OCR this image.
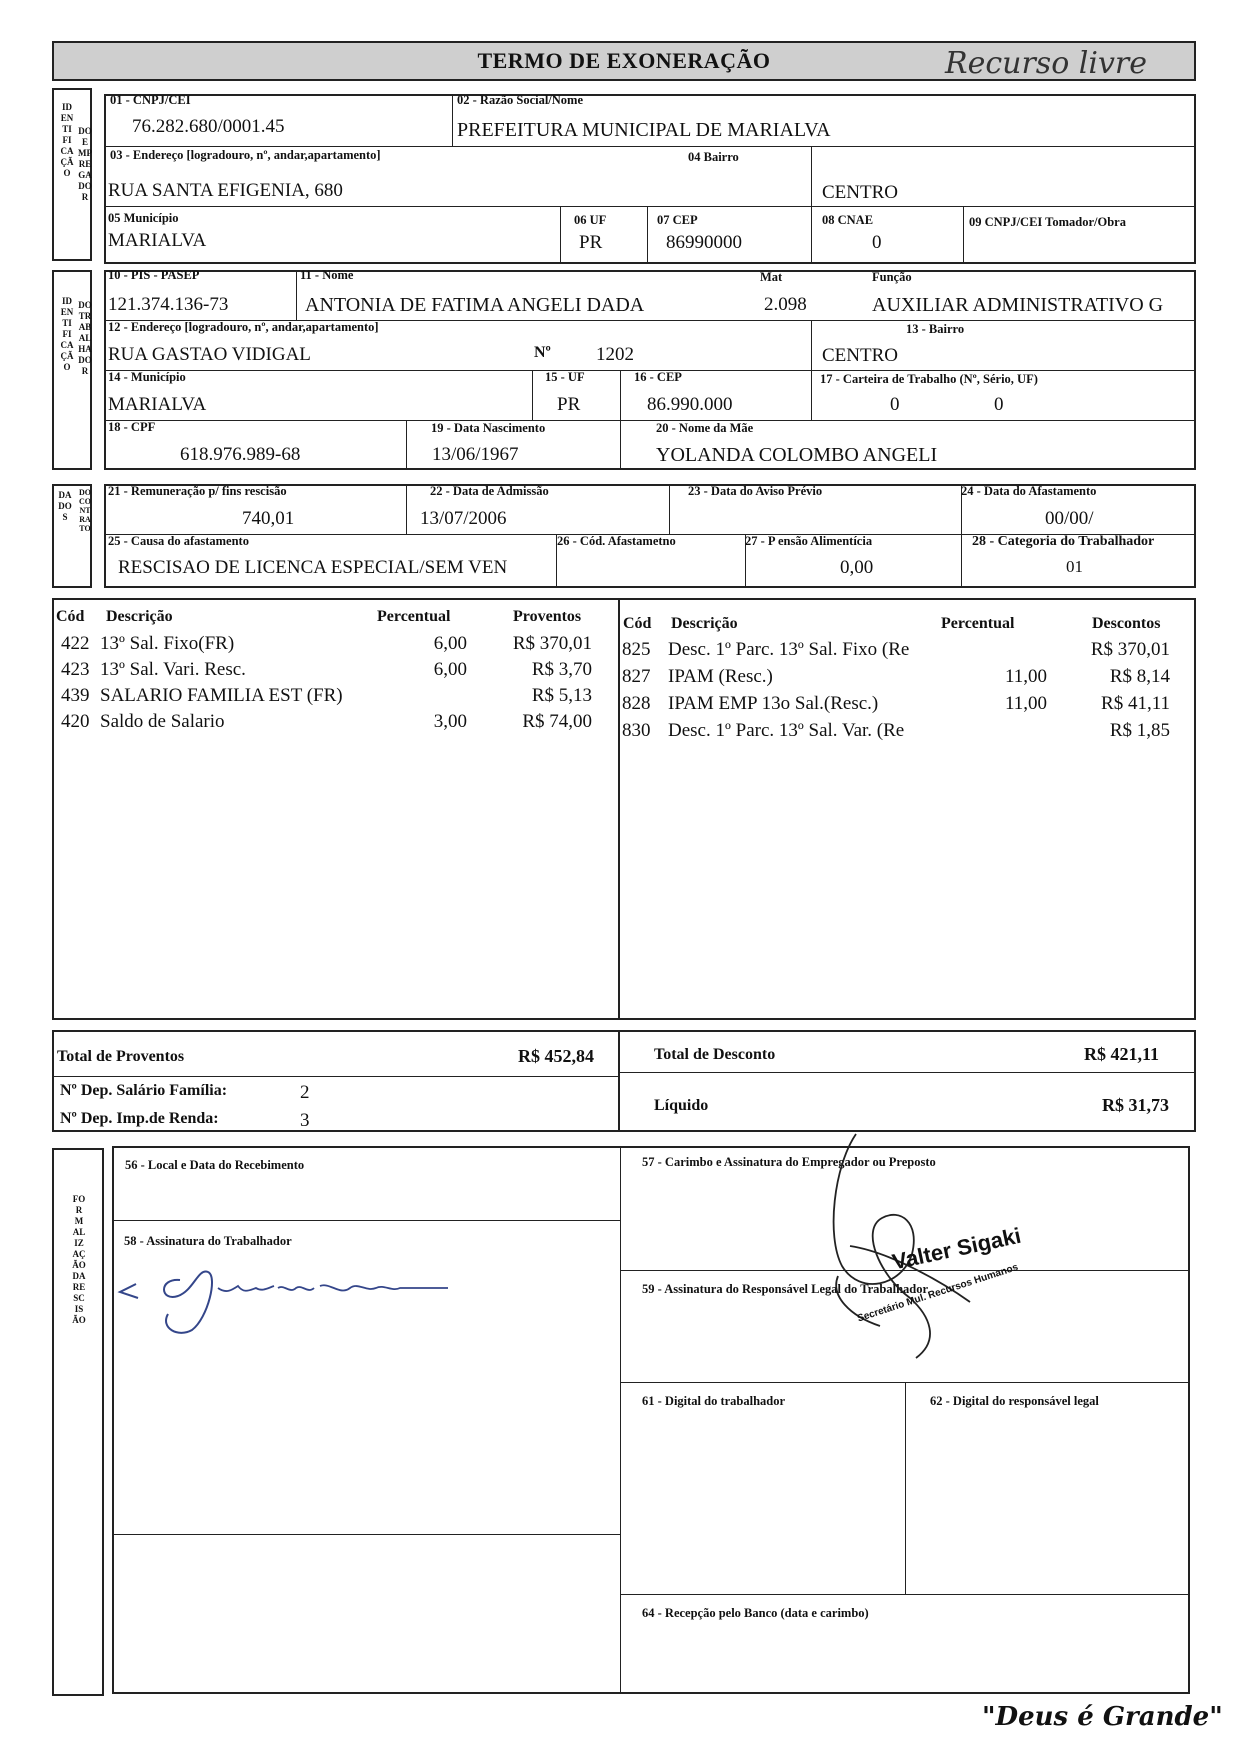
TERMO DE EXONERAÇÃO	Recurso livre
IDENTIFICAÇÃO
DO EMPREGADOR
01 - CNPJ/CEI
76.282.680/0001.45
02 - Razão Social/Nome
PREFEITURA MUNICIPAL DE MARIALVA
03 - Endereço [logradouro, nº, andar,apartamento]
RUA SANTA EFIGENIA, 680
04 Bairro
CENTRO
05 Município
MARIALVA
06 UF
PR
07 CEP
86990000
08 CNAE
0
09 CNPJ/CEI Tomador/Obra
IDENTIFICAÇÃO
DO TRABALHADOR
10 - PIS - PASEP
121.374.136-73
11 - Nome
ANTONIA DE FATIMA ANGELI DADA
Mat
2.098
Função
AUXILIAR ADMINISTRATIVO G
12 - Endereço [logradouro, nº, andar,apartamento]
RUA GASTAO VIDIGAL	Nº 1202
13 - Bairro
CENTRO
14 - Município
MARIALVA
15 - UF
PR
16 - CEP
86.990.000
17 - Carteira de Trabalho (Nº, Sério, UF)
0	0
18 - CPF
618.976.989-68
19 - Data Nascimento
13/06/1967
20 - Nome da Mãe
YOLANDA COLOMBO ANGELI
DADOS
DO CONTRATO
21 - Remuneração p/ fins rescisão
740,01
22 - Data de Admissão
13/07/2006
23 - Data do Aviso Prévio	24 - Data do Afastamento
00/00/
25 - Causa do afastamento
RESCISAO DE LICENCA ESPECIAL/SEM VEN
26 - Cód. Afastametno	27 - P ensão Alimentícia
0,00
28 - Categoria do Trabalhador
01
Cód Descrição	Percentual	Proventos
422 13º Sal. Fixo(FR)	6,00 R$ 370,01
423 13º Sal. Vari. Resc.	6,00	R$ 3,70
439 SALARIO FAMILIA EST (FR)	R$ 5,13
420 Saldo de Salario	3,00	R$ 74,00
Cód Descrição	Percentual	Descontos
825 Desc. 1º Parc. 13º Sal. Fixo (Re	R$ 370,01
827 IPAM (Resc.)	11,00	R$ 8,14
828 IPAM EMP 13o Sal.(Resc.)	11,00	R$ 41,11
830 Desc. 1º Parc. 13º Sal. Var. (Re	R$ 1,85
Total de Proventos	R$ 452,84	Total de Desconto	R$ 421,11
Nº Dep. Salário Família:	2
Nº Dep. Imp.de Renda:	3
Líquido	R$ 31,73
FORMALIZAÇÃO DA RESCISÃO
56 - Local e Data do Recebimento	57 - Carimbo e Assinatura do Empregador ou Preposto
58 - Assinatura do Trabalhador
59 - Assinatura do Responsável Legal do Trabalhador
61 - Digital do trabalhador	62 - Digital do responsável legal
64 - Recepção pelo Banco (data e carimbo)
Valter Sigaki
Secretário Mul. Recursos Humanos
"Deus é Grande"
